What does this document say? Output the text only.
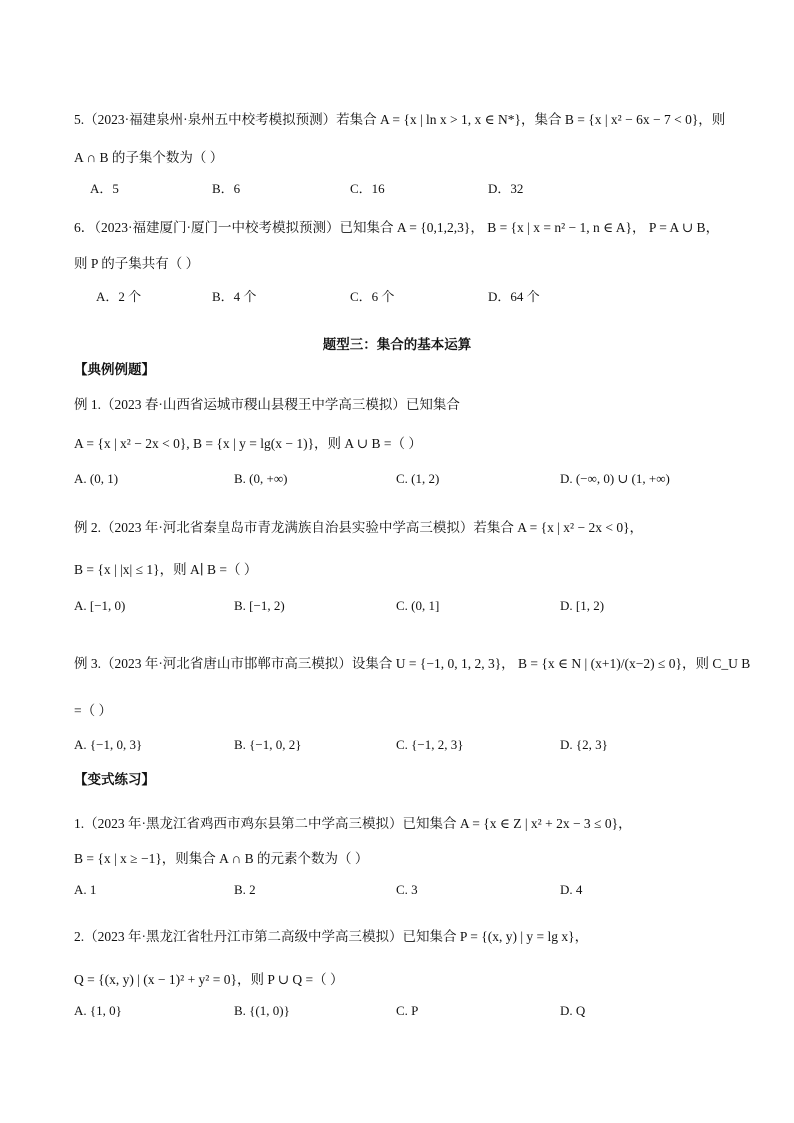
5.（2023·福建泉州·泉州五中校考模拟预测）若集合 A = {x | ln x > 1, x ∈ N*}，集合 B = {x | x² − 6x − 7 < 0}，则
A ∩ B 的子集个数为（ ）
A．5	B．6	C．16	D．32
6．（2023·福建厦门·厦门一中校考模拟预测）已知集合 A = {0,1,2,3}， B = {x | x = n² − 1, n ∈ A}， P = A ∪ B，
则 P 的子集共有（ ）
A．2 个	B．4 个	C．6 个	D．64 个
题型三：集合的基本运算
【典例例题】
例 1.（2023 春·山西省运城市稷山县稷王中学高三模拟）已知集合
A = {x | x² − 2x < 0}, B = {x | y = lg(x − 1)}，则 A ∪ B =（ ）
A. (0, 1)	B. (0, +∞)	C. (1, 2)	D. (−∞, 0) ∪ (1, +∞)
例 2.（2023 年·河北省秦皇岛市青龙满族自治县实验中学高三模拟）若集合 A = {x | x² − 2x < 0}，
B = {x | |x| ≤ 1}，则 A∣ B =（ ）
A. [−1, 0)	B. [−1, 2)	C. (0, 1]	D. [1, 2)
例 3.（2023 年·河北省唐山市邯郸市高三模拟）设集合 U = {−1, 0, 1, 2, 3}， B = {x ∈ N | (x+1)/(x−2) ≤ 0}，则 C_U B
=（ ）
A. {−1, 0, 3}	B. {−1, 0, 2}	C. {−1, 2, 3}	D. {2, 3}
【变式练习】
1.（2023 年·黑龙江省鸡西市鸡东县第二中学高三模拟）已知集合 A = {x ∈ Z | x² + 2x − 3 ≤ 0}，
B = {x | x ≥ −1}，则集合 A ∩ B 的元素个数为（ ）
A. 1	B. 2	C. 3	D. 4
2.（2023 年·黑龙江省牡丹江市第二高级中学高三模拟）已知集合 P = {(x, y) | y = lg x}，
Q = {(x, y) | (x − 1)² + y² = 0}，则 P ∪ Q =（ ）
A. {1, 0}	B. {(1, 0)}	C. P	D. Q
